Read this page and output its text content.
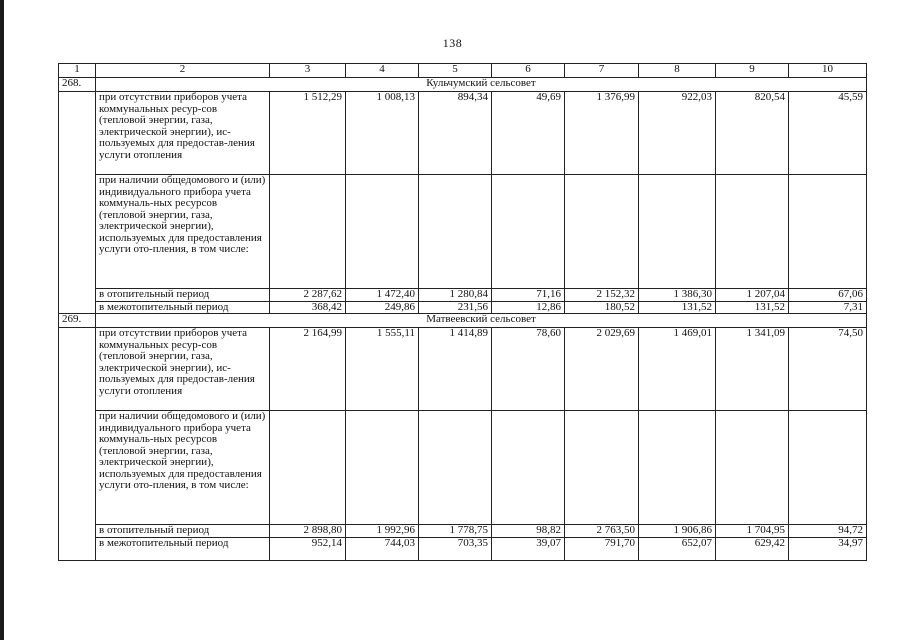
138
1	2	3	4	5	6	7	8	9	10
268.	Кульчумский сельсовет								
	при отсутствии приборов учета коммунальных ресур-сов (тепловой энергии, газа, электрической энергии), ис-пользуемых для предостав-ления услуги отопления	1 512,29	1 008,13	894,34	49,69	1 376,99	922,03	820,54	45,59
	при наличии общедомового и (или) индивидуального прибора учета коммуналь-ных ресурсов (тепловой энергии, газа, электрической энергии), используемых для предоставления услуги ото-пления, в том числе:								
	в отопительный период	2 287,62	1 472,40	1 280,84	71,16	2 152,32	1 386,30	1 207,04	67,06
	в межотопительный период	368,42	249,86	231,56	12,86	180,52	131,52	131,52	7,31
269.	Матвеевский сельсовет								
	при отсутствии приборов учета коммунальных ресур-сов (тепловой энергии, газа, электрической энергии), ис-пользуемых для предостав-ления услуги отопления	2 164,99	1 555,11	1 414,89	78,60	2 029,69	1 469,01	1 341,09	74,50
	при наличии общедомового и (или) индивидуального прибора учета коммуналь-ных ресурсов (тепловой энергии, газа, электрической энергии), используемых для предоставления услуги ото-пления, в том числе:								
	в отопительный период	2 898,80	1 992,96	1 778,75	98,82	2 763,50	1 906,86	1 704,95	94,72
	в межотопительный период	952,14	744,03	703,35	39,07	791,70	652,07	629,42	34,97
